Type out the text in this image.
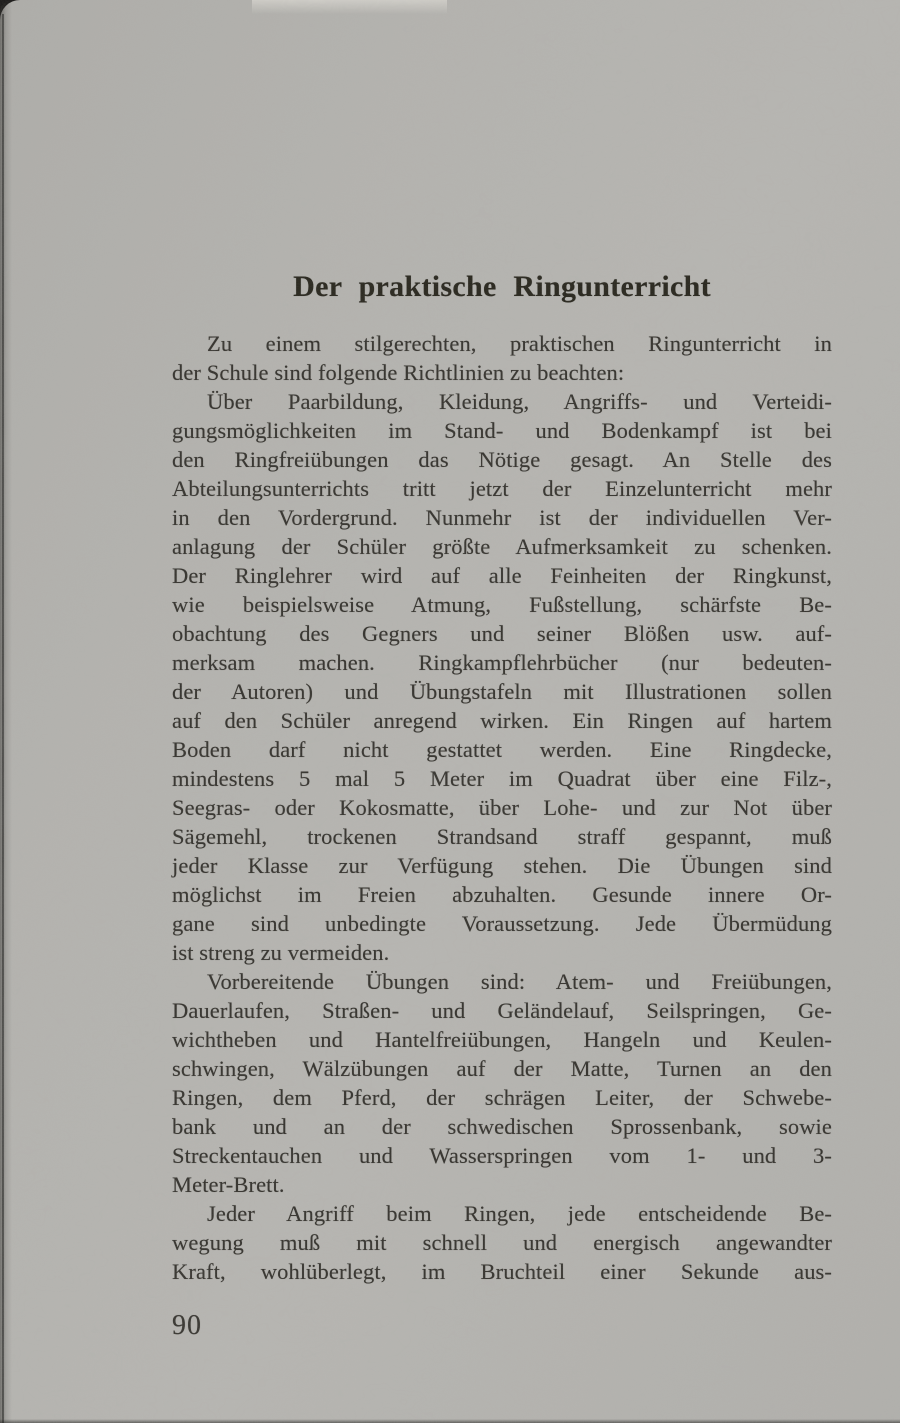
Der praktische Ringunterricht
Zu einem stilgerechten, praktischen Ringunterricht in
der Schule sind folgende Richtlinien zu beachten:
Über Paarbildung, Kleidung, Angriffs- und Verteidi-
gungsmöglichkeiten im Stand- und Bodenkampf ist bei
den Ringfreiübungen das Nötige gesagt. An Stelle des
Abteilungsunterrichts tritt jetzt der Einzelunterricht mehr
in den Vordergrund. Nunmehr ist der individuellen Ver-
anlagung der Schüler größte Aufmerksamkeit zu schenken.
Der Ringlehrer wird auf alle Feinheiten der Ringkunst,
wie beispielsweise Atmung, Fußstellung, schärfste Be-
obachtung des Gegners und seiner Blößen usw. auf-
merksam machen. Ringkampflehrbücher (nur bedeuten-
der Autoren) und Übungstafeln mit Illustrationen sollen
auf den Schüler anregend wirken. Ein Ringen auf hartem
Boden darf nicht gestattet werden. Eine Ringdecke,
mindestens 5 mal 5 Meter im Quadrat über eine Filz-,
Seegras- oder Kokosmatte, über Lohe- und zur Not über
Sägemehl, trockenen Strandsand straff gespannt, muß
jeder Klasse zur Verfügung stehen. Die Übungen sind
möglichst im Freien abzuhalten. Gesunde innere Or-
gane sind unbedingte Voraussetzung. Jede Übermüdung
ist streng zu vermeiden.
Vorbereitende Übungen sind: Atem- und Freiübungen,
Dauerlaufen, Straßen- und Geländelauf, Seilspringen, Ge-
wichtheben und Hantelfreiübungen, Hangeln und Keulen-
schwingen, Wälzübungen auf der Matte, Turnen an den
Ringen, dem Pferd, der schrägen Leiter, der Schwebe-
bank und an der schwedischen Sprossenbank, sowie
Streckentauchen und Wasserspringen vom 1- und 3-
Meter-Brett.
Jeder Angriff beim Ringen, jede entscheidende Be-
wegung muß mit schnell und energisch angewandter
Kraft, wohlüberlegt, im Bruchteil einer Sekunde aus-
90
